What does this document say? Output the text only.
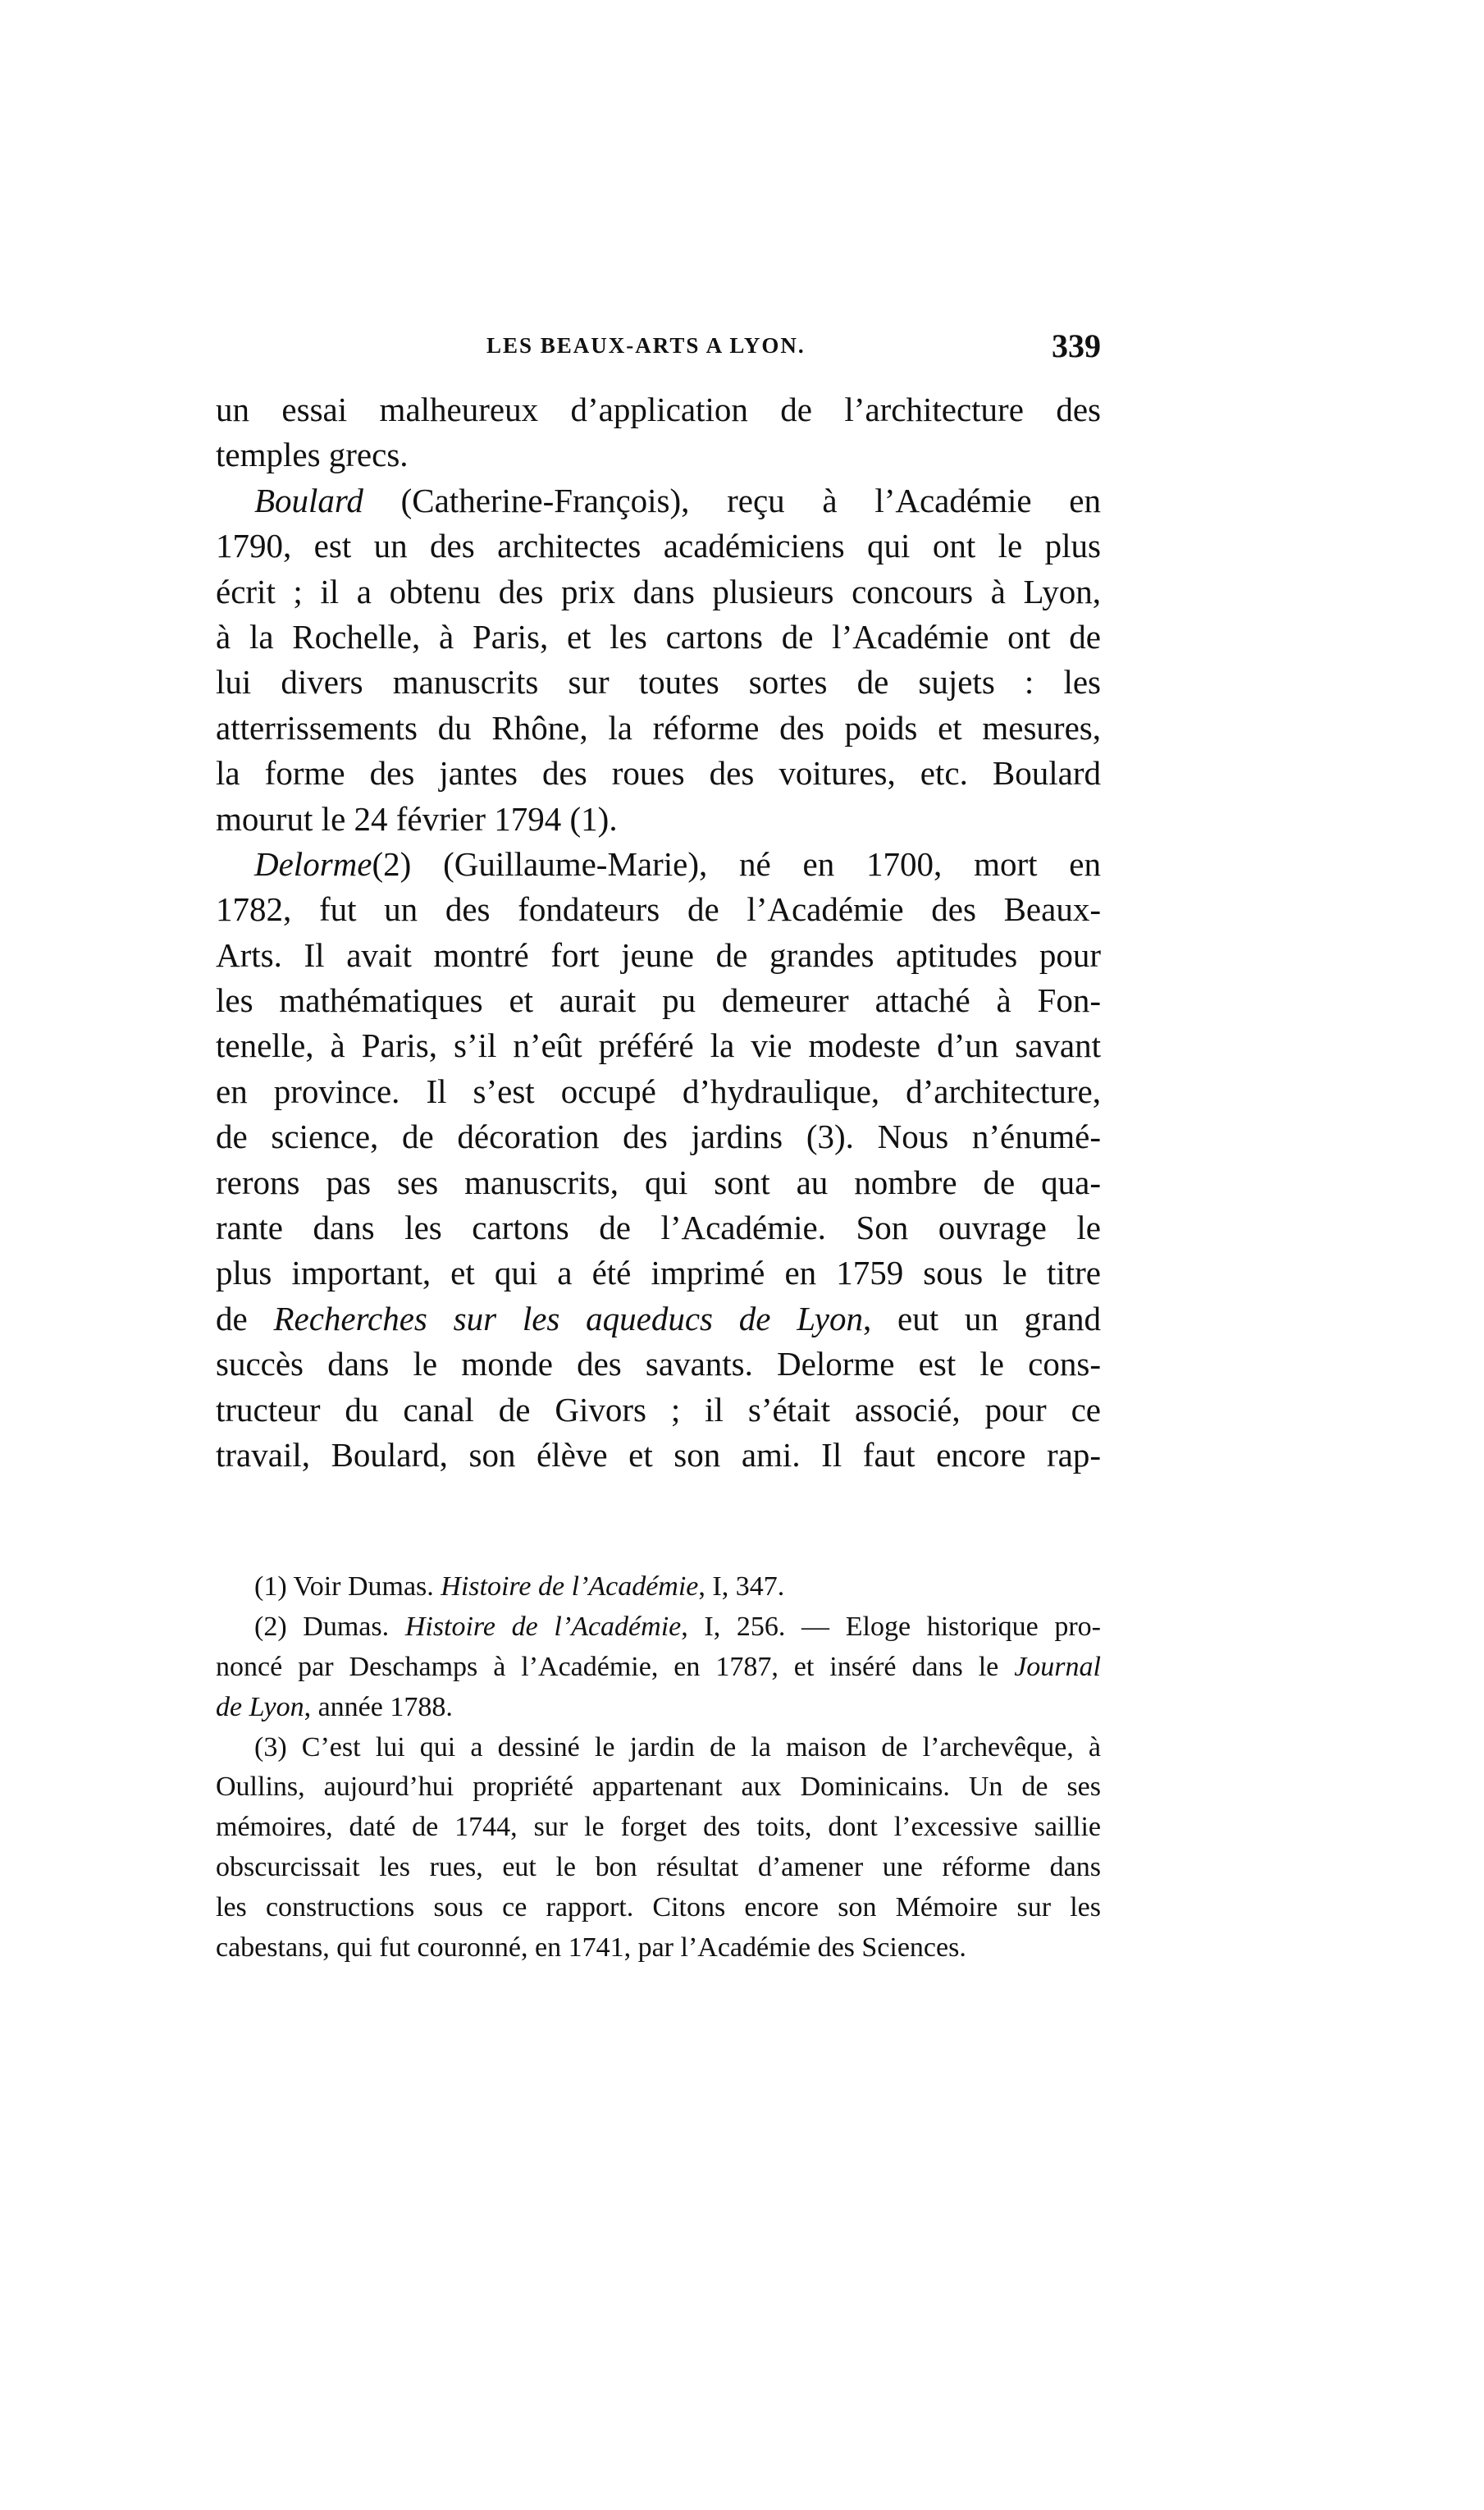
LES BEAUX-ARTS A LYON.	339
un essai malheureux d’application de l’architecture des
temples grecs.
Boulard (Catherine-François), reçu à l’Académie en
1790, est un des architectes académiciens qui ont le plus
écrit ; il a obtenu des prix dans plusieurs concours à Lyon,
à la Rochelle, à Paris, et les cartons de l’Académie ont de
lui divers manuscrits sur toutes sortes de sujets : les
atterrissements du Rhône, la réforme des poids et mesures,
la forme des jantes des roues des voitures, etc. Boulard
mourut le 24 février 1794 (1).
Delorme(2) (Guillaume-Marie), né en 1700, mort en
1782, fut un des fondateurs de l’Académie des Beaux-
Arts. Il avait montré fort jeune de grandes aptitudes pour
les mathématiques et aurait pu demeurer attaché à Fon-
tenelle, à Paris, s’il n’eût préféré la vie modeste d’un savant
en province. Il s’est occupé d’hydraulique, d’architecture,
de science, de décoration des jardins (3). Nous n’énumé-
rerons pas ses manuscrits, qui sont au nombre de qua-
rante dans les cartons de l’Académie. Son ouvrage le
plus important, et qui a été imprimé en 1759 sous le titre
de Recherches sur les aqueducs de Lyon, eut un grand
succès dans le monde des savants. Delorme est le cons-
tructeur du canal de Givors ; il s’était associé, pour ce
travail, Boulard, son élève et son ami. Il faut encore rap-
(1) Voir Dumas. Histoire de l’Académie, I, 347.
(2) Dumas. Histoire de l’Académie, I, 256. — Eloge historique pro-
noncé par Deschamps à l’Académie, en 1787, et inséré dans le Journal
de Lyon, année 1788.
(3) C’est lui qui a dessiné le jardin de la maison de l’archevêque, à
Oullins, aujourd’hui propriété appartenant aux Dominicains. Un de ses
mémoires, daté de 1744, sur le forget des toits, dont l’excessive saillie
obscurcissait les rues, eut le bon résultat d’amener une réforme dans
les constructions sous ce rapport. Citons encore son Mémoire sur les
cabestans, qui fut couronné, en 1741, par l’Académie des Sciences.
